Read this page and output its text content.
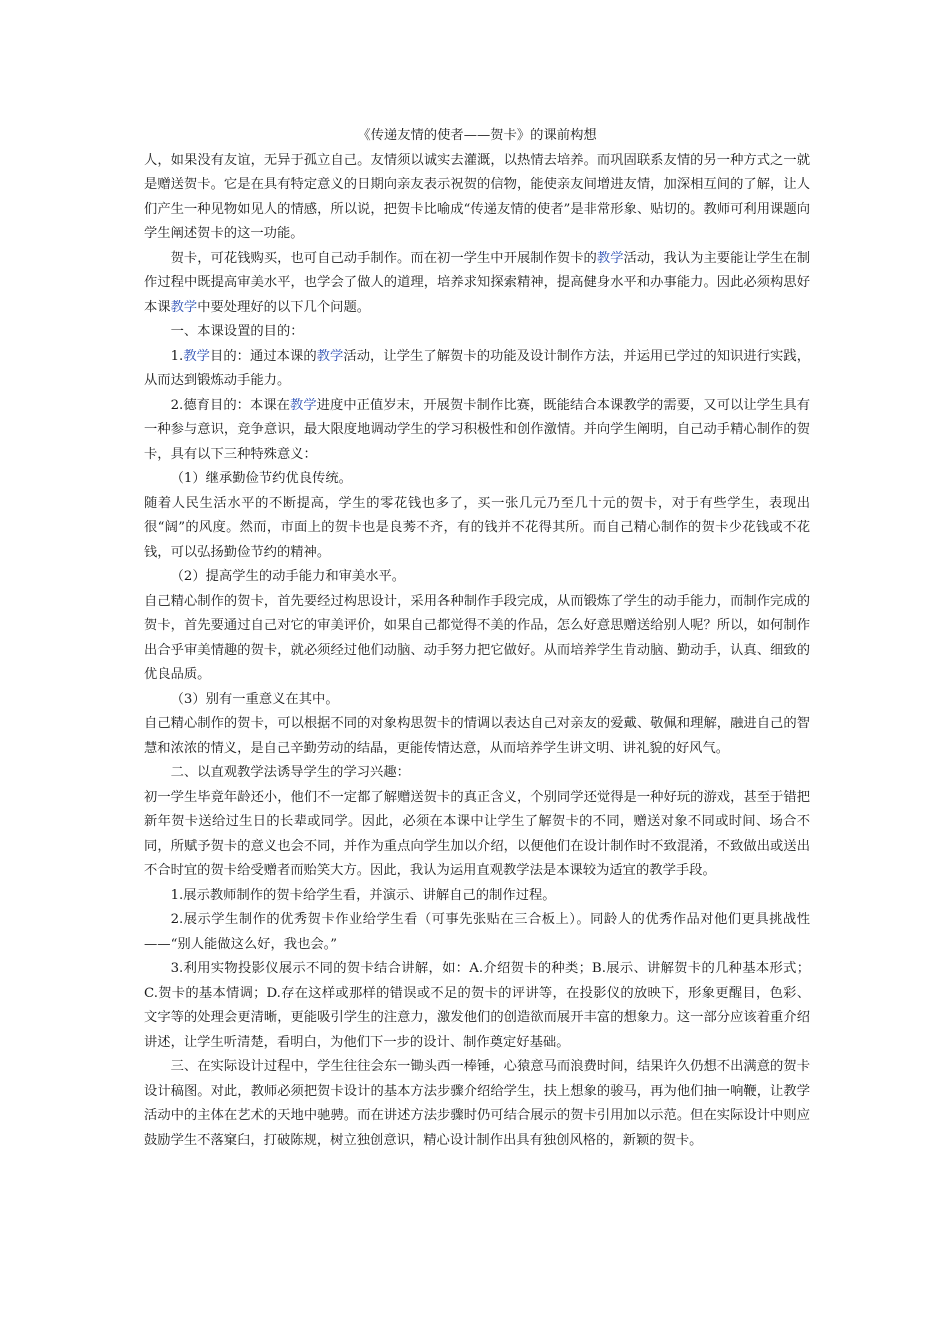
《传递友情的使者——贺卡》的课前构想

人，如果没有友谊，无异于孤立自己。友情须以诚实去灌溉，以热情去培养。而巩固联系友情的另一种方式之一就是赠送贺卡。它是在具有特定意义的日期向亲友表示祝贺的信物，能使亲友间增进友情，加深相互间的了解，让人们产生一种见物如见人的情感，所以说，把贺卡比喻成“传递友情的使者”是非常形象、贴切的。教师可利用课题向学生阐述贺卡的这一功能。

贺卡，可花钱购买，也可自己动手制作。而在初一学生中开展制作贺卡的教学活动，我认为主要能让学生在制作过程中既提高审美水平，也学会了做人的道理，培养求知探索精神，提高健身水平和办事能力。因此必须构思好本课教学中要处理好的以下几个问题。

一、本课设置的目的：

1.教学目的：通过本课的教学活动，让学生了解贺卡的功能及设计制作方法，并运用已学过的知识进行实践，从而达到锻炼动手能力。

2.德育目的：本课在教学进度中正值岁末，开展贺卡制作比赛，既能结合本课教学的需要，又可以让学生具有一种参与意识，竞争意识，最大限度地调动学生的学习积极性和创作激情。并向学生阐明，自己动手精心制作的贺卡，具有以下三种特殊意义：

（1）继承勤俭节约优良传统。

随着人民生活水平的不断提高，学生的零花钱也多了，买一张几元乃至几十元的贺卡，对于有些学生，表现出很“阔”的风度。然而，市面上的贺卡也是良莠不齐，有的钱并不花得其所。而自己精心制作的贺卡少花钱或不花钱，可以弘扬勤俭节约的精神。

（2）提高学生的动手能力和审美水平。

自己精心制作的贺卡，首先要经过构思设计，采用各种制作手段完成，从而锻炼了学生的动手能力，而制作完成的贺卡，首先要通过自己对它的审美评价，如果自己都觉得不美的作品，怎么好意思赠送给别人呢？所以，如何制作出合乎审美情趣的贺卡，就必须经过他们动脑、动手努力把它做好。从而培养学生肯动脑、勤动手，认真、细致的优良品质。

（3）别有一重意义在其中。

自己精心制作的贺卡，可以根据不同的对象构思贺卡的情调以表达自己对亲友的爱戴、敬佩和理解，融进自己的智慧和浓浓的情义，是自己辛勤劳动的结晶，更能传情达意，从而培养学生讲文明、讲礼貌的好风气。

二、以直观教学法诱导学生的学习兴趣：

初一学生毕竟年龄还小，他们不一定都了解赠送贺卡的真正含义，个别同学还觉得是一种好玩的游戏，甚至于错把新年贺卡送给过生日的长辈或同学。因此，必须在本课中让学生了解贺卡的不同，赠送对象不同或时间、场合不同，所赋予贺卡的意义也会不同，并作为重点向学生加以介绍，以便他们在设计制作时不致混淆，不致做出或送出不合时宜的贺卡给受赠者而贻笑大方。因此，我认为运用直观教学法是本课较为适宜的教学手段。

1.展示教师制作的贺卡给学生看，并演示、讲解自己的制作过程。

2.展示学生制作的优秀贺卡作业给学生看（可事先张贴在三合板上）。同龄人的优秀作品对他们更具挑战性——“别人能做这么好，我也会。”

3.利用实物投影仪展示不同的贺卡结合讲解，如：A.介绍贺卡的种类；B.展示、讲解贺卡的几种基本形式；C.贺卡的基本情调；D.存在这样或那样的错误或不足的贺卡的评讲等，在投影仪的放映下，形象更醒目，色彩、文字等的处理会更清晰，更能吸引学生的注意力，激发他们的创造欲而展开丰富的想象力。这一部分应该着重介绍讲述，让学生听清楚，看明白，为他们下一步的设计、制作奠定好基础。

三、在实际设计过程中，学生往往会东一锄头西一棒锤，心猿意马而浪费时间，结果许久仍想不出满意的贺卡设计稿图。对此，教师必须把贺卡设计的基本方法步骤介绍给学生，扶上想象的骏马，再为他们抽一响鞭，让教学活动中的主体在艺术的天地中驰骋。而在讲述方法步骤时仍可结合展示的贺卡引用加以示范。但在实际设计中则应鼓励学生不落窠臼，打破陈规，树立独创意识，精心设计制作出具有独创风格的，新颖的贺卡。
